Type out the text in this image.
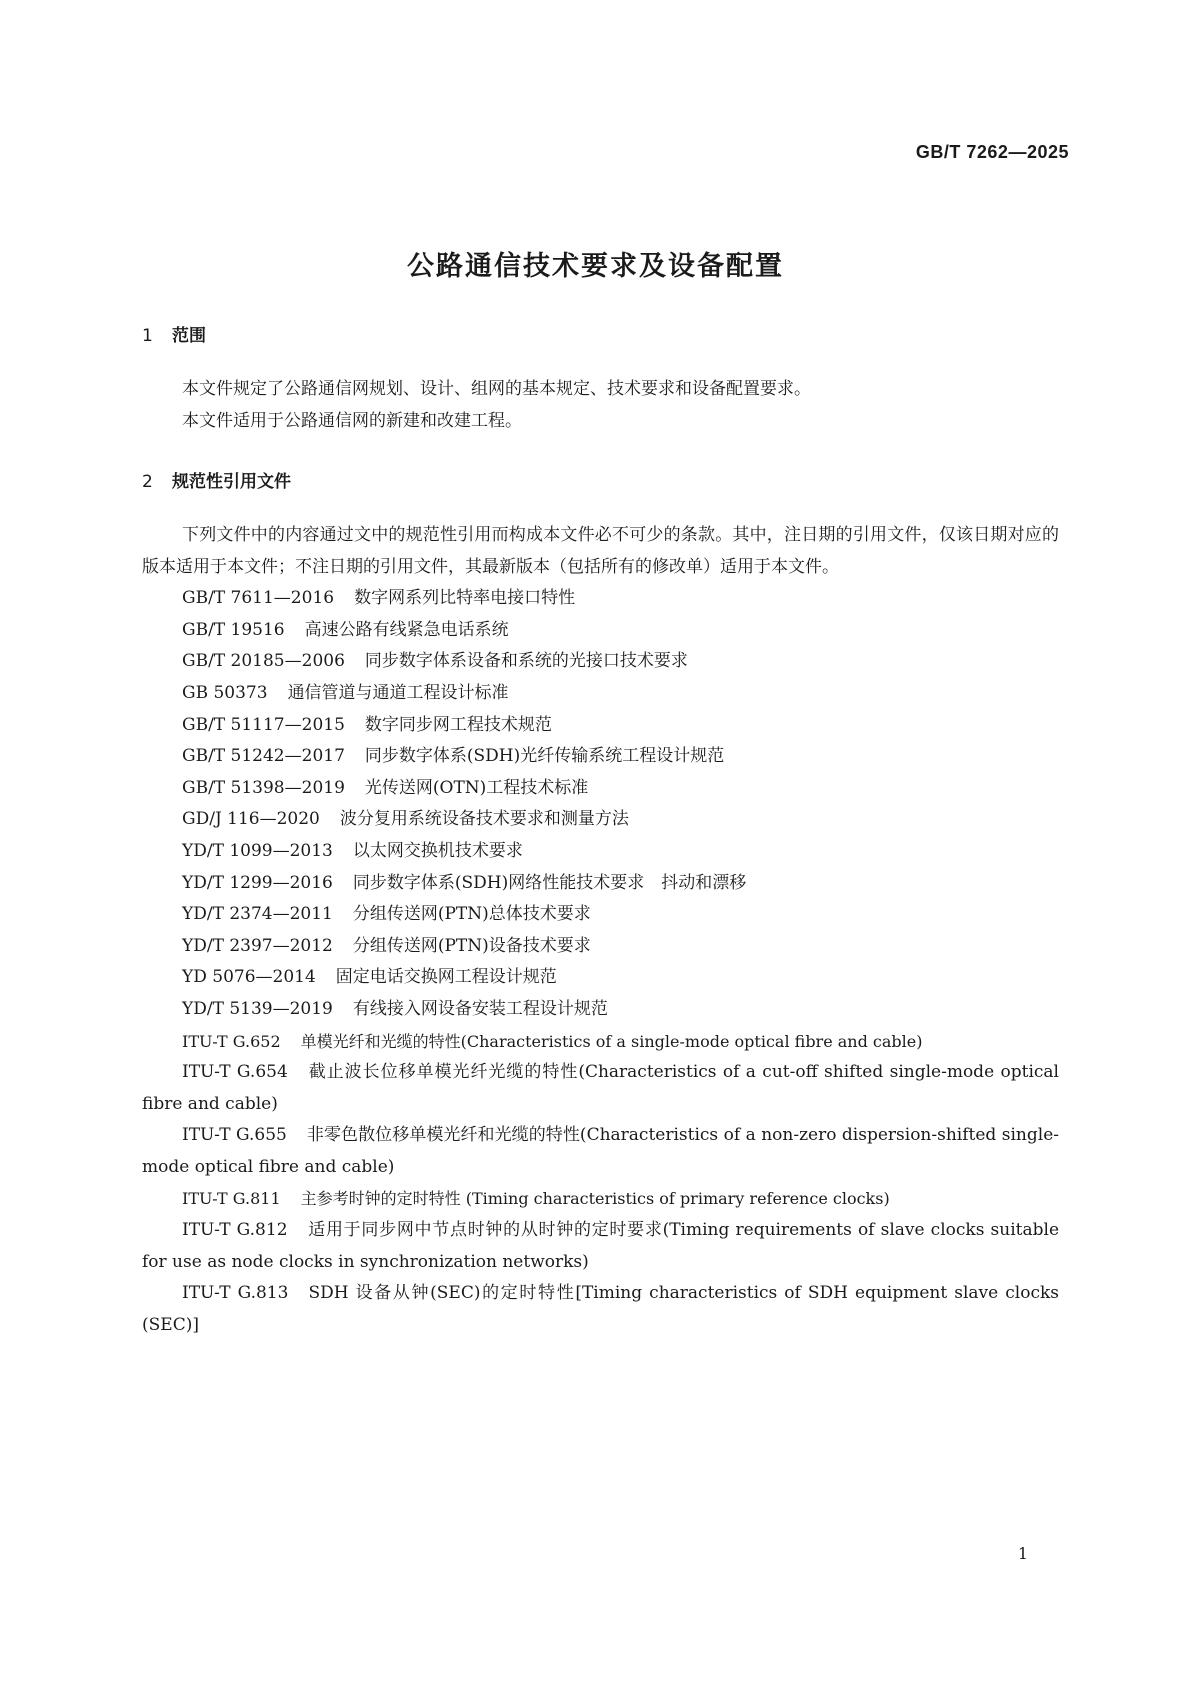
GB/T 7262—2025
公路通信技术要求及设备配置
1 范围

本文件规定了公路通信网规划、设计、组网的基本规定、技术要求和设备配置要求。

本文件适用于公路通信网的新建和改建工程。

2 规范性引用文件

下列文件中的内容通过文中的规范性引用而构成本文件必不可少的条款。其中，注日期的引用文件，仅该日期对应的版本适用于本文件；不注日期的引用文件，其最新版本（包括所有的修改单）适用于本文件。

GB/T 7611—2016 数字网系列比特率电接口特性

GB/T 19516 高速公路有线紧急电话系统

GB/T 20185—2006 同步数字体系设备和系统的光接口技术要求

GB 50373 通信管道与通道工程设计标准

GB/T 51117—2015 数字同步网工程技术规范

GB/T 51242—2017 同步数字体系(SDH)光纤传输系统工程设计规范

GB/T 51398—2019 光传送网(OTN)工程技术标准

GD/J 116—2020 波分复用系统设备技术要求和测量方法

YD/T 1099—2013 以太网交换机技术要求

YD/T 1299—2016 同步数字体系(SDH)网络性能技术要求　抖动和漂移

YD/T 2374—2011 分组传送网(PTN)总体技术要求

YD/T 2397—2012 分组传送网(PTN)设备技术要求

YD 5076—2014 固定电话交换网工程设计规范

YD/T 5139—2019 有线接入网设备安装工程设计规范

ITU-T G.652 单模光纤和光缆的特性(Characteristics of a single-mode optical fibre and cable)

ITU-T G.654 截止波长位移单模光纤光缆的特性(Characteristics of a cut-off shifted single-mode optical fibre and cable)

ITU-T G.655 非零色散位移单模光纤和光缆的特性(Characteristics of a non-zero dispersion-shifted single-mode optical fibre and cable)

ITU-T G.811 主参考时钟的定时特性 (Timing characteristics of primary reference clocks)

ITU-T G.812 适用于同步网中节点时钟的从时钟的定时要求(Timing requirements of slave clocks suitable for use as node clocks in synchronization networks)

ITU-T G.813 SDH 设备从钟(SEC)的定时特性[Timing characteristics of SDH equipment slave clocks (SEC)]

1
